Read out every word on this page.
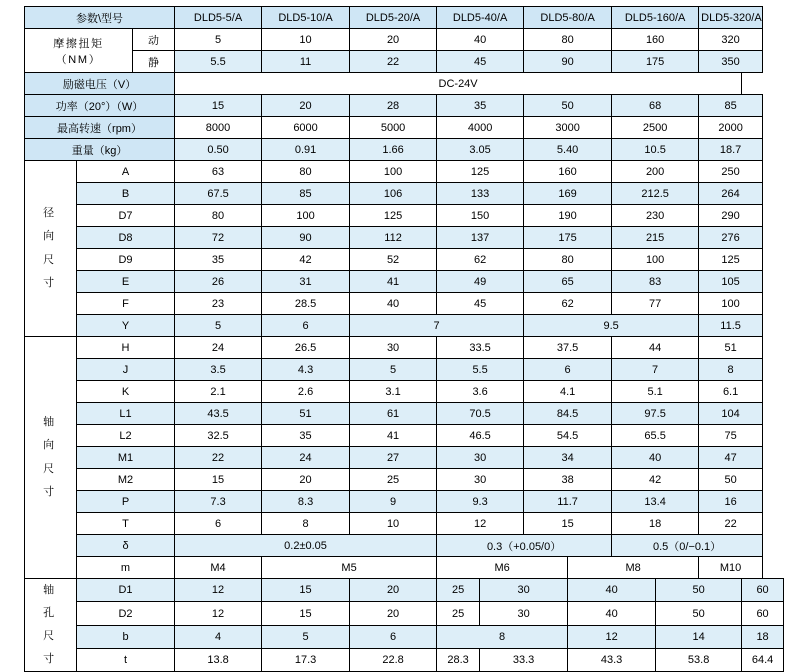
参数\型号			DLD5-5/A	DLD5-10/A	DLD5-20/A	DLD5-40/A		DLD5-80/A		DLD5-160/A		DLD5-320/A	

摩擦扭矩
（NM）		动	5	10	20	40		80		160		320	
		静	5.5	11	22	45		90		175		350	
励磁电压（V）			DC-24V										
功率（20°）（W）			15	20	28	35		50		68		85	
最高转速（rpm）			8000	6000	5000	4000		3000		2500		2000	
重量（kg）			0.50	0.91	1.66	3.05		5.40		10.5		18.7	

径
向
尺
寸	A		63	80	100	125		160		200		250	
	B		67.5	85	106	133		169		212.5		264	
	D7		80	100	125	150		190		230		290	
	D8		72	90	112	137		175		215		276	
	D9		35	42	52	62		80		100		125	
	E		26	31	41	49		65		83		105	
	F		23	28.5	40	45		62		77		100	
	Y		5	6	7			9.5				11.5	

轴
向
尺
寸	H		24	26.5	30	33.5		37.5		44		51	
	J		3.5	4.3	5	5.5		6		7		8	
	K		2.1	2.6	3.1	3.6		4.1		5.1		6.1	
	L1		43.5	51	61	70.5		84.5		97.5		104	
	L2		32.5	35	41	46.5		54.5		65.5		75	
	M1		22	24	27	30		34		40		47	
	M2		15	20	25	30		38		42		50	
	P		7.3	8.3	9	9.3		11.7		13.4		16	
	T		6	8	10	12		15		18		22	
	δ		0.2±0.05			0.3（+0.05/0）				0.5（0/−0.1）			
	m		M4	M5		M6			M8			M10	

轴
孔
尺
寸	D1		12	15	20	25	30		40		50		60
	D2		12	15	20	25	30		40		50		60
	b		4	5	6	8			12		14		18
	t		13.8	17.3	22.8	28.3	33.3		43.3		53.8		64.4
